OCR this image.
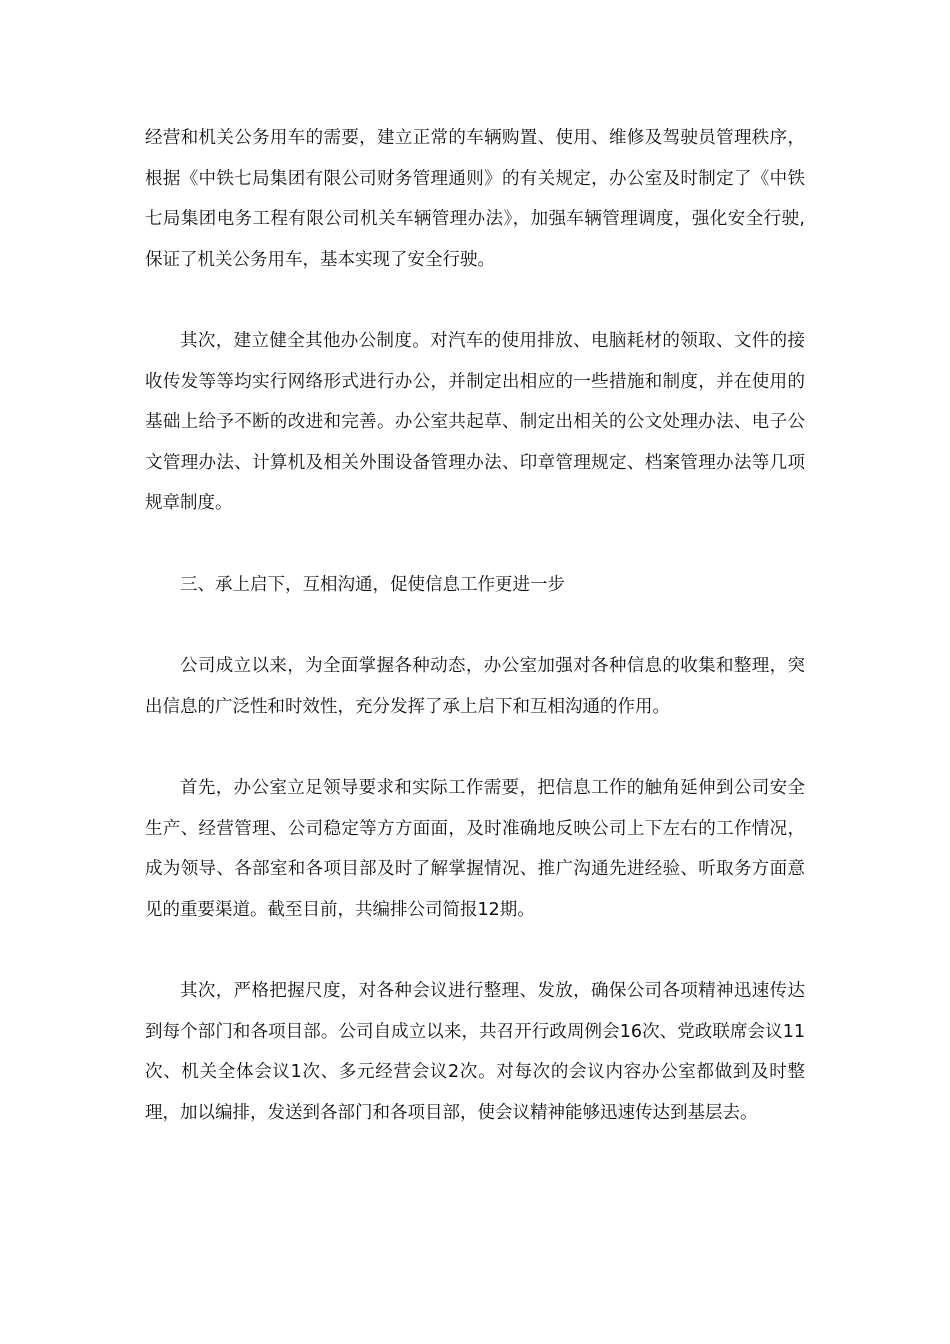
经营和机关公务用车的需要，建立正常的车辆购置、使用、维修及驾驶员管理秩序，根据《中铁七局集团有限公司财务管理通则》的有关规定，办公室及时制定了《中铁七局集团电务工程有限公司机关车辆管理办法》，加强车辆管理调度，强化安全行驶,保证了机关公务用车，基本实现了安全行驶。

其次，建立健全其他办公制度。对汽车的使用排放、电脑耗材的领取、文件的接收传发等等均实行网络形式进行办公，并制定出相应的一些措施和制度，并在使用的基础上给予不断的改进和完善。办公室共起草、制定出相关的公文处理办法、电子公文管理办法、计算机及相关外围设备管理办法、印章管理规定、档案管理办法等几项规章制度。

三、承上启下，互相沟通，促使信息工作更进一步

公司成立以来，为全面掌握各种动态，办公室加强对各种信息的收集和整理，突出信息的广泛性和时效性，充分发挥了承上启下和互相沟通的作用。

首先，办公室立足领导要求和实际工作需要，把信息工作的触角延伸到公司安全生产、经营管理、公司稳定等方方面面，及时准确地反映公司上下左右的工作情况，成为领导、各部室和各项目部及时了解掌握情况、推广沟通先进经验、听取务方面意见的重要渠道。截至目前，共编排公司简报12期。

其次，严格把握尺度，对各种会议进行整理、发放，确保公司各项精神迅速传达到每个部门和各项目部。公司自成立以来，共召开行政周例会16次、党政联席会议11次、机关全体会议1次、多元经营会议2次。对每次的会议内容办公室都做到及时整理，加以编排，发送到各部门和各项目部，使会议精神能够迅速传达到基层去。
